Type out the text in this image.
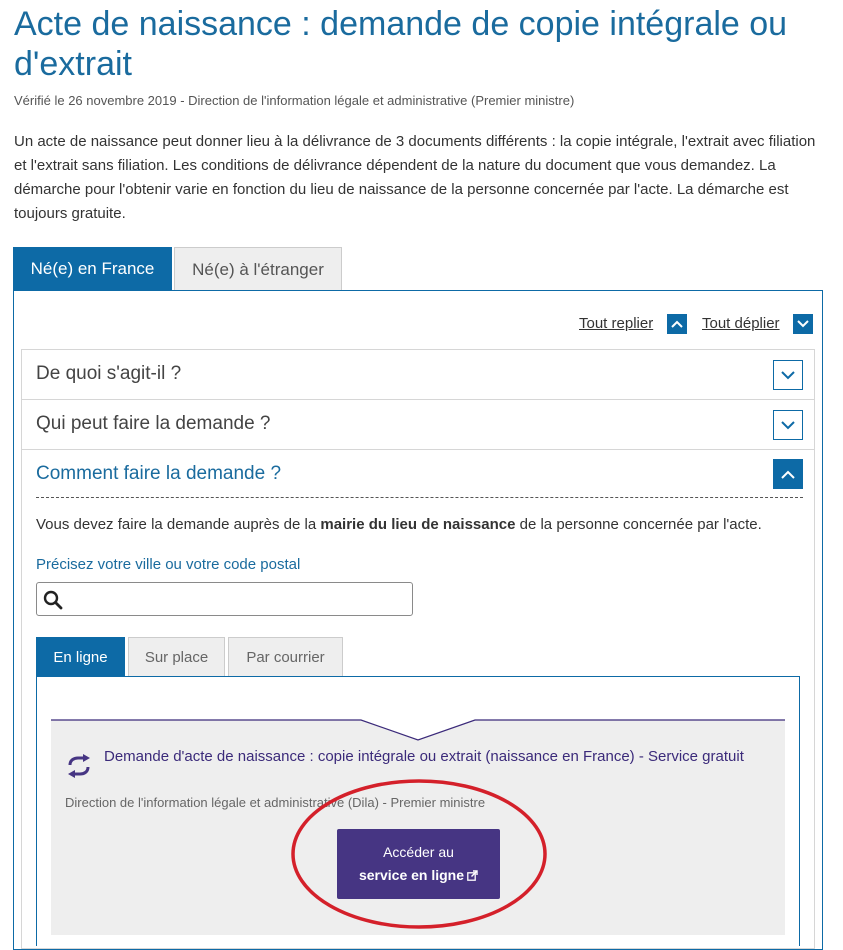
Acte de naissance : demande de copie intégrale ou d'extrait
Vérifié le 26 novembre 2019 - Direction de l'information légale et administrative (Premier ministre)

Un acte de naissance peut donner lieu à la délivrance de 3 documents différents : la copie intégrale, l'extrait avec filiation et l'extrait sans filiation. Les conditions de délivrance dépendent de la nature du document que vous demandez. La démarche pour l'obtenir varie en fonction du lieu de naissance de la personne concernée par l'acte. La démarche est toujours gratuite.

Né(e) en France	Né(e) à l'étranger
Tout replier	Tout déplier
De quoi s'agit-il ?
Qui peut faire la demande ?
Comment faire la demande ?
Vous devez faire la demande auprès de la mairie du lieu de naissance de la personne concernée par l'acte.
Précisez votre ville ou votre code postal
En ligne	Sur place	Par courrier
Demande d'acte de naissance : copie intégrale ou extrait (naissance en France) - Service gratuit
Direction de l'information légale et administrative (Dila) - Premier ministre
Accéder au
service en ligne
